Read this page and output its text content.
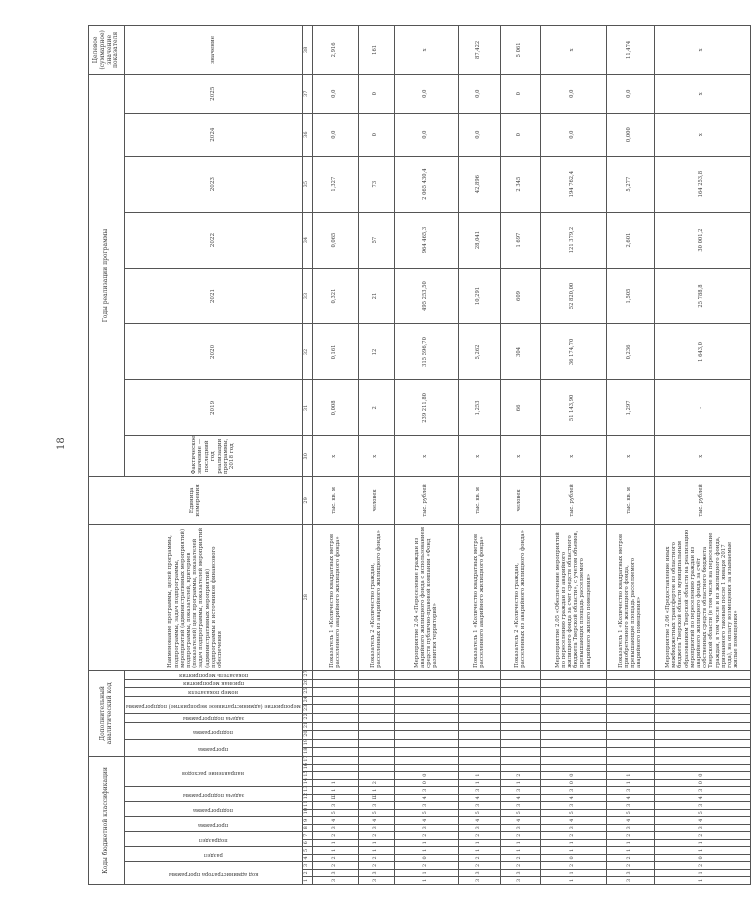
18
Коды бюджетной классификации																	Дополнительный аналитический код										Наименование программы, целей программы, подпрограммы, задач подпрограммы, мероприятий (административных мероприятий) подпрограммы, показателей, критериев (показателей) цели программы, показателей задач подпрограммы, показателей мероприятий (административных мероприятий) подпрограммы и источников финансового обеспечения	Единица измерения	Годы реализации программы								Целевое (суммарное) значение показателя

код администратора программы			раздел		подраздел		программа		подпрограмма		задача подпрограммы		направление расходов				программа		подпрограмма		задача подпрограммы	мероприятие (административное мероприятие) подпрограммы		номер показателя	признак мероприятия	показатель мероприятия			Фактическое значение — последний год реализации программы, 2018 год	2019	2020	2021	2022	2023	2024	2025	значение
1	2	3	4	5	6	7	8	9	10	11	12	13	14	15	16	17	18	19	20	21	22	23	24	25	26	27	28	29	30	31	32	33	34	35	36	37	38
3	3	2	2	1	1	2	3	4	5	3	Ш	1	1														Показатель 1 «Количество квадратных метров расселенного аварийного жилищного фонда»	тыс. кв. м	х	0,008	0,161	0,321	0,065	1,327	0,0	0,0	2,916
3	3	2	2	1	1	2	3	4	5	3	Ш	1	2														Показатель 2 «Количество граждан, расселенных из аварийного жилищного фонда»	человек	х	2	12	21	57	73	0	0	161
1	1	2	0	1	1	2	3	4	5	3	4	3	0	0													Мероприятие 2.04 «Переселение граждан из аварийного жилищного фонда с использованием средств публично-правовой компании «Фонд развития территорий»	тыс. рублей	х	239 211,80	315 596,70	495 253,50	964 465,3	2 065 430,4	0,0	0,0	х
3	3	2	2	1	1	2	3	4	5	3	4	3	1	1													Показатель 1 «Количество квадратных метров расселенного аварийного жилищного фонда»	тыс. кв. м	х	1,253	5,262	10,291	28,041	42,896	0,0	0,0	87,422
3	3	2	2	1	1	2	3	4	5	3	4	3	1	2													Показатель 2 «Количество граждан, расселенных из аварийного жилищного фонда»	человек	х	66	304	609	1 697	2 345	0	0	5 061
1	1	2	0	1	1	2	3	4	5	3	4	3	0	0													Мероприятие 2.05 «Обеспечение мероприятий по переселению граждан из аварийного жилищного фонда за счет средств областного бюджета Тверской области», с учетом объемов, превышающих площадь расселяемого аварийного жилого помещения»	тыс. рублей	х	51 143,90	36 174,70	52 820,00	121 379,2	194 762,4	0,0	0,0	х
3	3	2	2	1	1	2	3	4	5	3	4	3	1	1													Показатель 1 «Количество квадратных метров приобретенного жилищного фонда, превышающие площадь расселяемого аварийного помещения»	тыс. кв. м	х	1,297	0,236	1,505	2,601	5,277	0,000	0,0	11,474
1	1	2	0	1	1	2	3	4	5	3	4	3	0	0													Мероприятие 2.06 «Предоставление иных межбюджетных трансфертов из областного бюджета Тверской области муниципальным образованиям Тверской области на реализацию мероприятий по переселению граждан из аварийного жилищного фонда за счёт собственных средств областного бюджета Тверской области (в том числе на переселение граждан, в том числе и из жилищного фонда, признанного таковым после 1 января 2017 года), на оплату возмещения за изымаемые жилые помещения»	тыс. рублей	х	-	1 643,0	25 788,8	30 001,2	164 253,8	х	х	х
